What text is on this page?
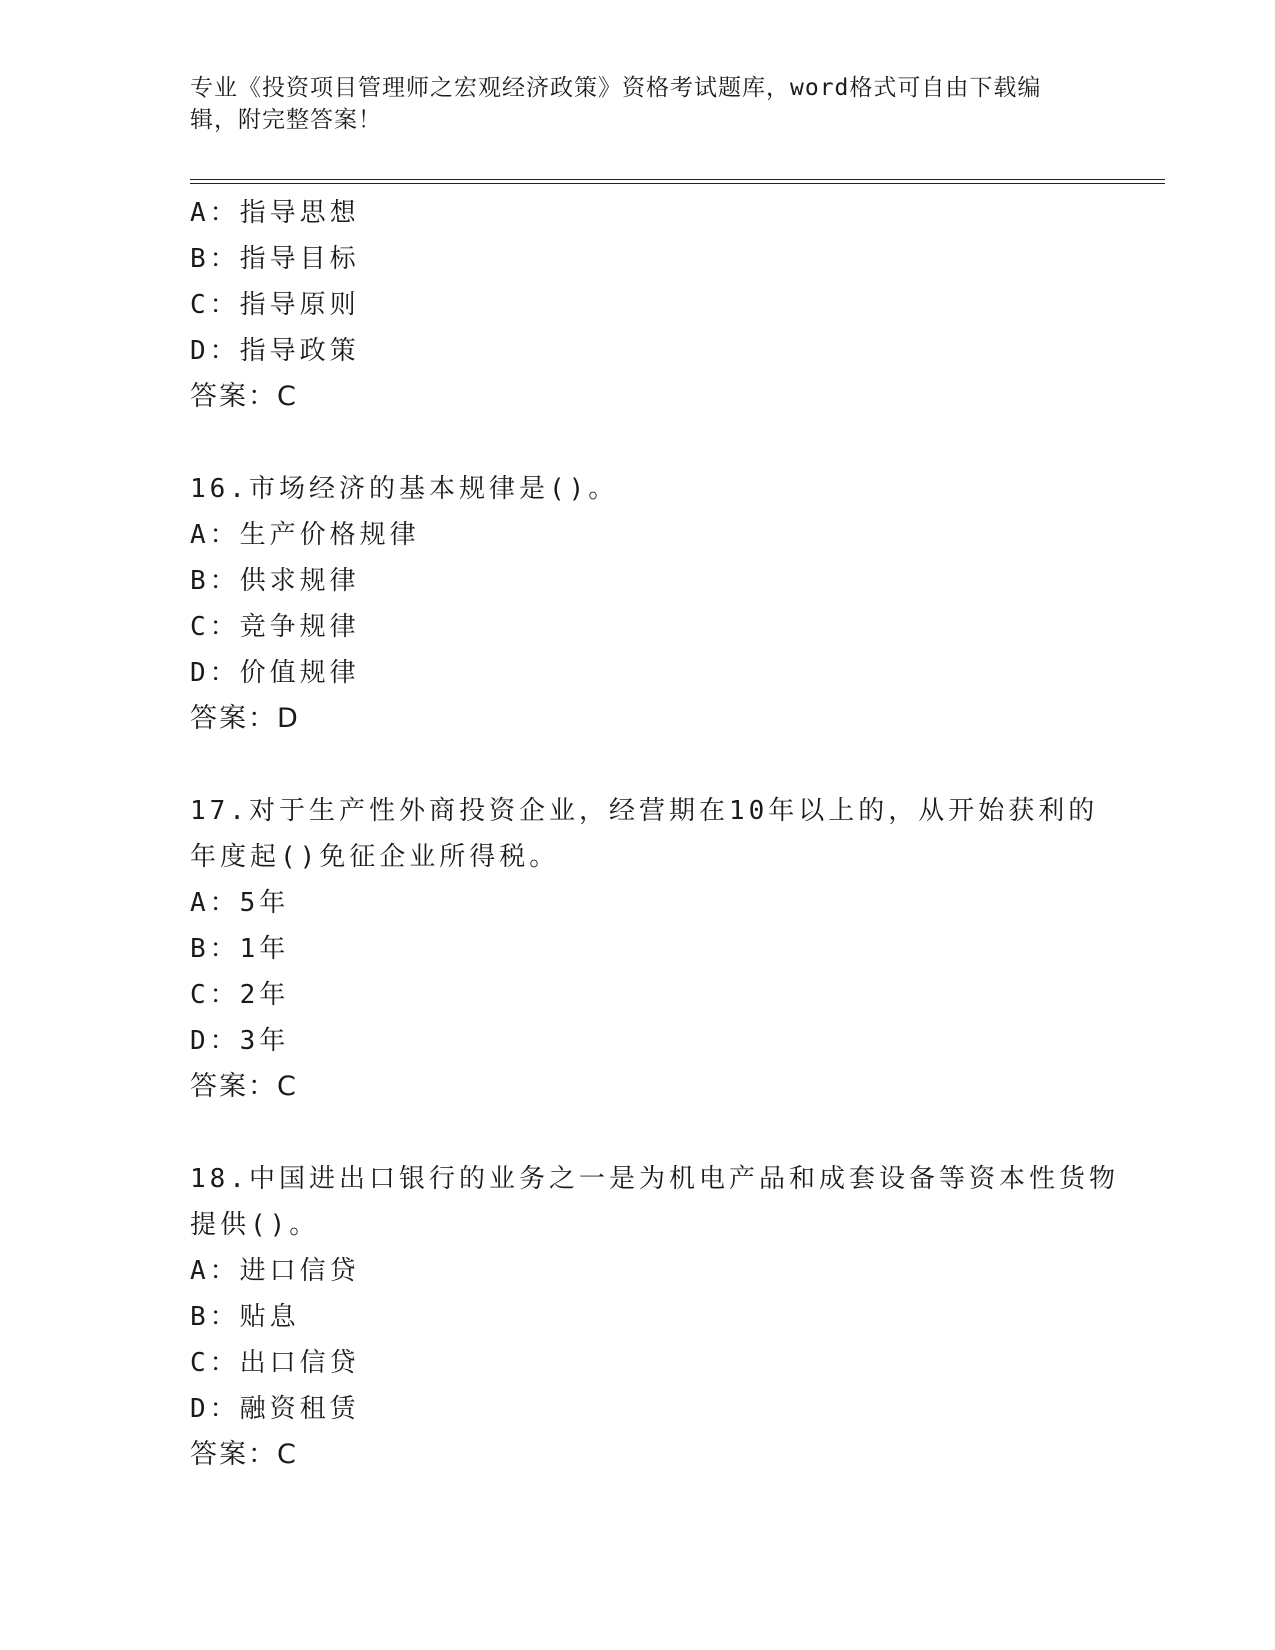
专业《投资项目管理师之宏观经济政策》资格考试题库，word格式可自由下载编
辑，附完整答案！
A：指导思想
B：指导目标
C：指导原则
D：指导政策
答案：C
16.市场经济的基本规律是()。
A：生产价格规律
B：供求规律
C：竞争规律
D：价值规律
答案：D
17.对于生产性外商投资企业，经营期在10年以上的，从开始获利的
年度起()免征企业所得税。
A：5年
B：1年
C：2年
D：3年
答案：C
18.中国进出口银行的业务之一是为机电产品和成套设备等资本性货物
提供()。
A：进口信贷
B：贴息
C：出口信贷
D：融资租赁
答案：C
